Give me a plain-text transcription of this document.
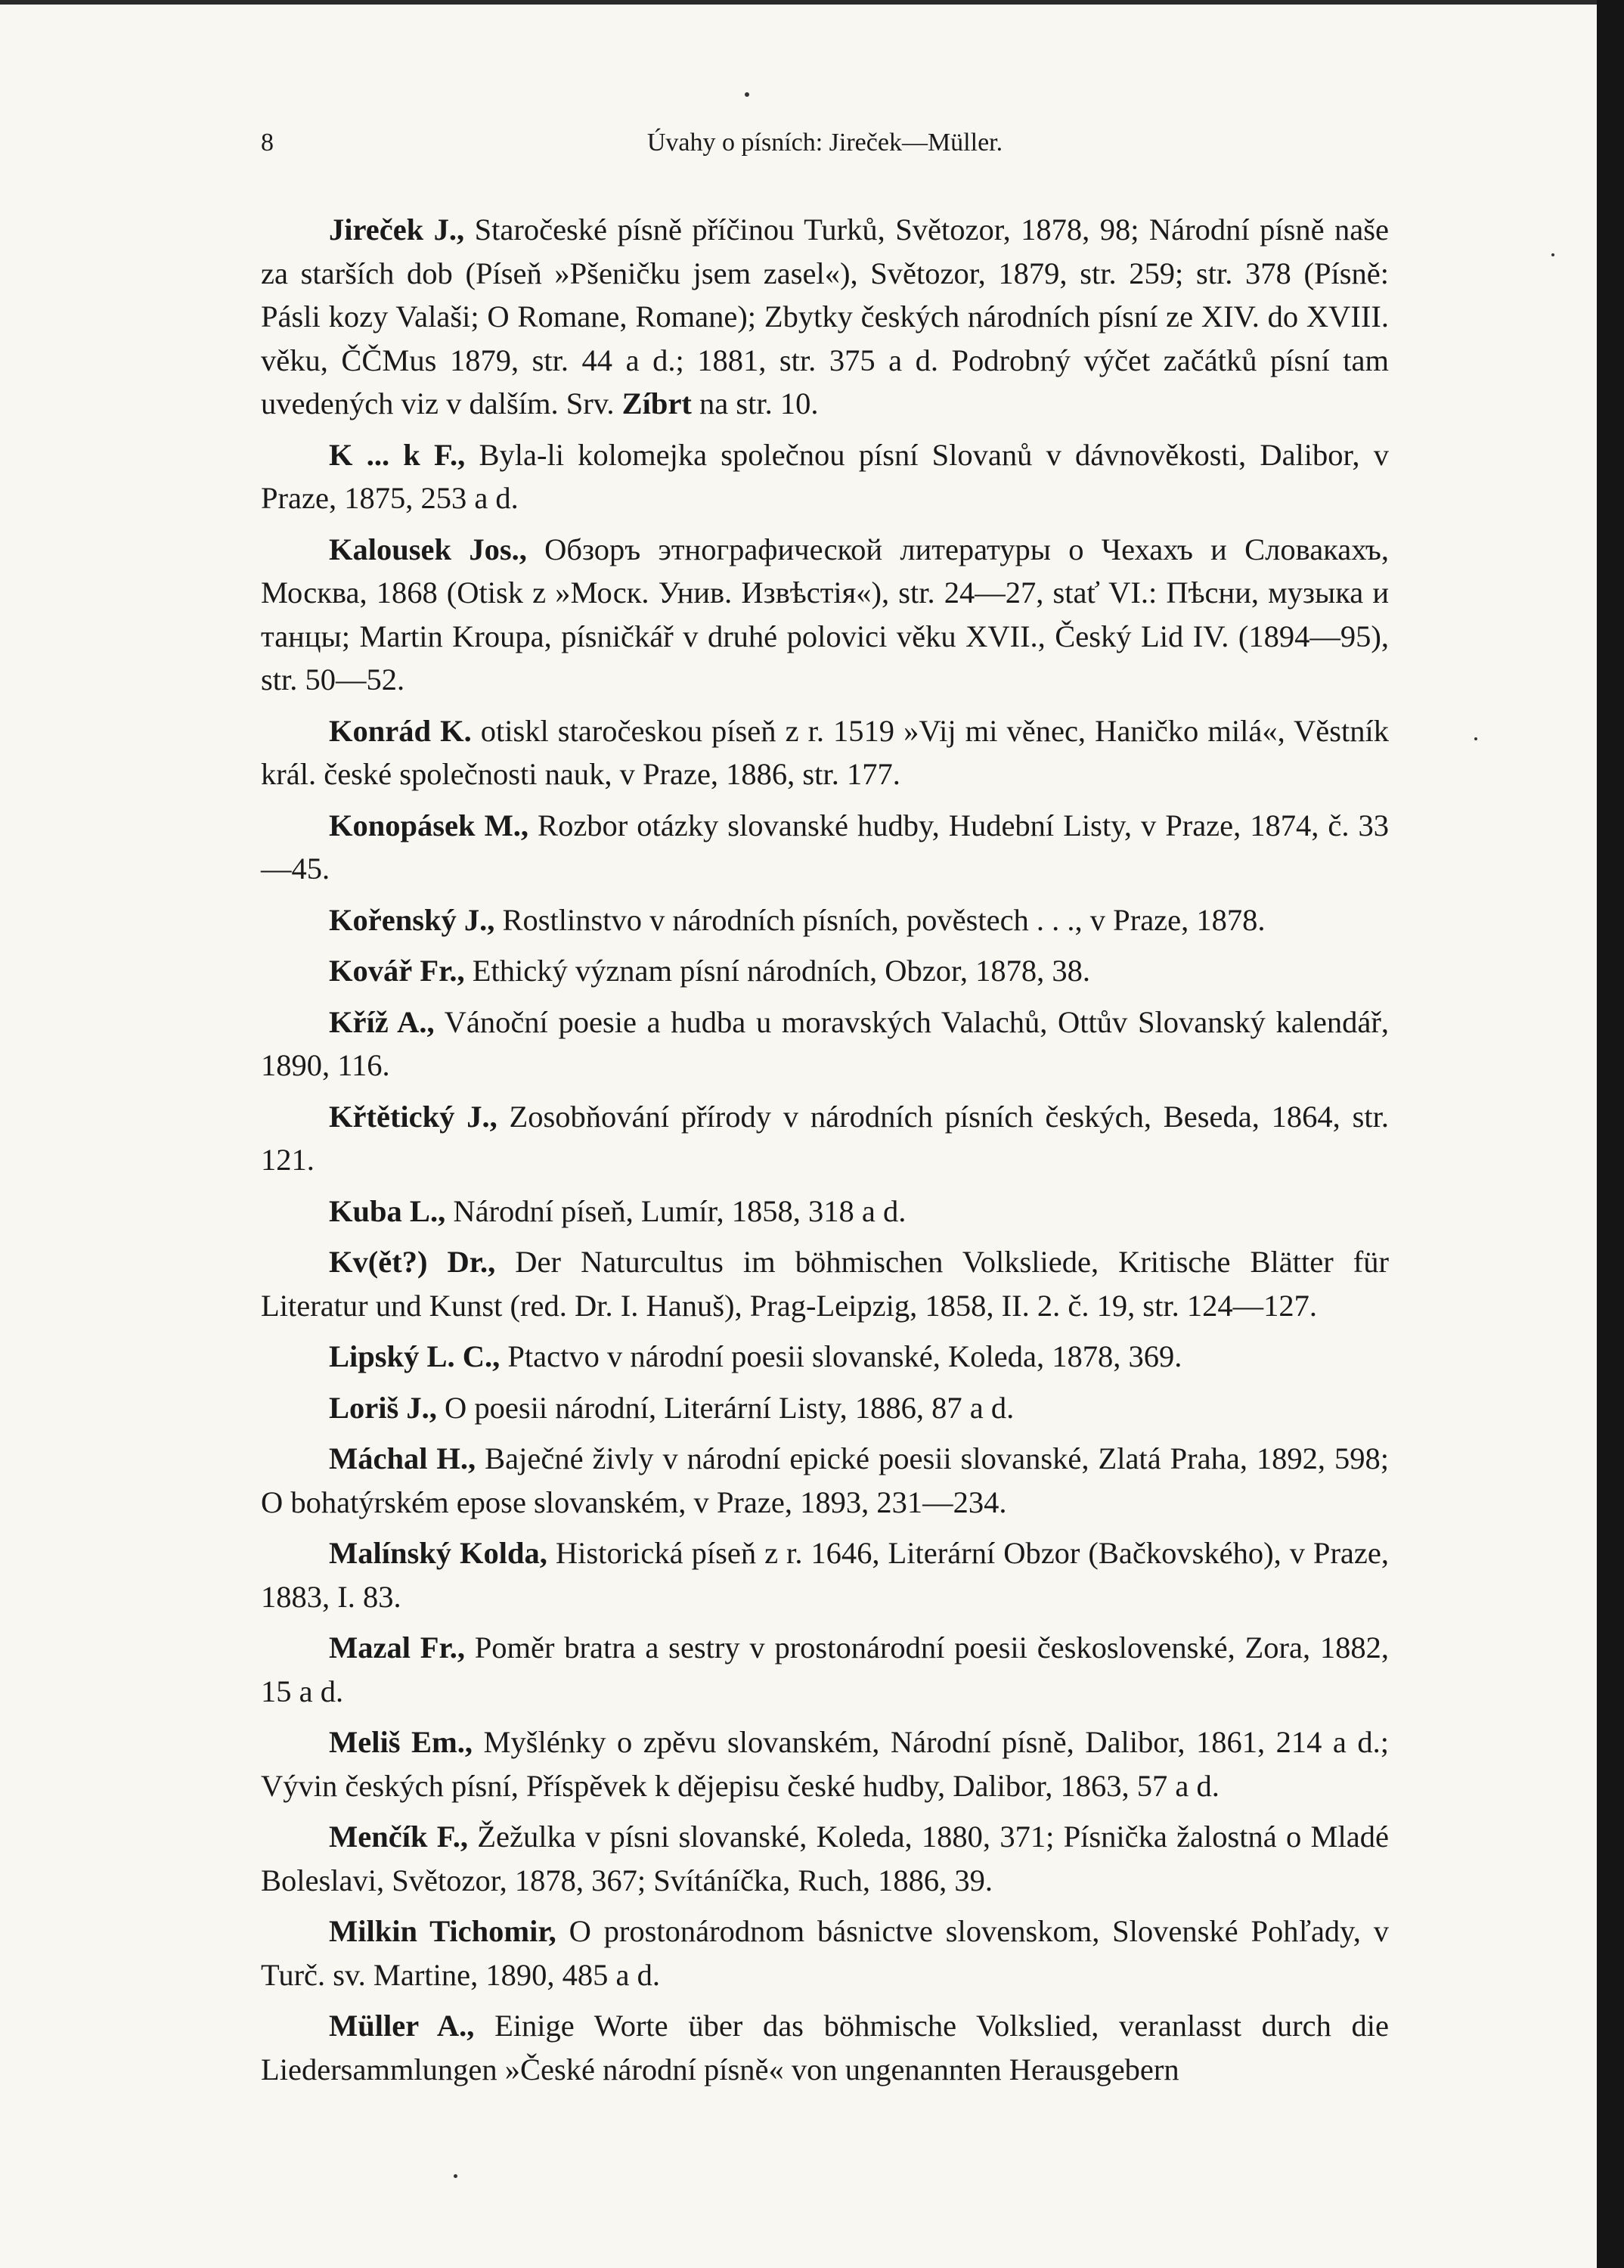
8	Úvahy o písních: Jireček—Müller.

Jireček J., Staročeské písně příčinou Turků, Světozor, 1878, 98; Národní písně naše za starších dob (Píseň »Pšeničku jsem zasel«), Světozor, 1879, str. 259; str. 378 (Písně: Pásli kozy Valaši; O Romane, Romane); Zbytky českých národních písní ze XIV. do XVIII. věku, ČČMus 1879, str. 44 a d.; 1881, str. 375 a d. Podrobný výčet začátků písní tam uvedených viz v dalším. Srv. Zíbrt na str. 10.

K ... k F., Byla-li kolomejka společnou písní Slovanů v dávnověkosti, Dalibor, v Praze, 1875, 253 a d.

Kalousek Jos., Обзоръ этнографической литературы о Чехахъ и Словакахъ, Москва, 1868 (Otisk z »Моск. Унив. Извѣстія«), str. 24—27, stať VI.: Пѣсни, музыка и танцы; Martin Kroupa, písničkář v druhé polovici věku XVII., Český Lid IV. (1894—95), str. 50—52.

Konrád K. otiskl staročeskou píseň z r. 1519 »Vij mi věnec, Haničko milá«, Věstník král. české společnosti nauk, v Praze, 1886, str. 177.

Konopásek M., Rozbor otázky slovanské hudby, Hudební Listy, v Praze, 1874, č. 33—45.

Kořenský J., Rostlinstvo v národních písních, pověstech . . ., v Praze, 1878.

Kovář Fr., Ethický význam písní národních, Obzor, 1878, 38.

Kříž A., Vánoční poesie a hudba u moravských Valachů, Ottův Slovanský kalendář, 1890, 116.

Křtětický J., Zosobňování přírody v národních písních českých, Beseda, 1864, str. 121.

Kuba L., Národní píseň, Lumír, 1858, 318 a d.

Kv(ět?) Dr., Der Naturcultus im böhmischen Volksliede, Kritische Blätter für Literatur und Kunst (red. Dr. I. Hanuš), Prag-Leipzig, 1858, II. 2. č. 19, str. 124—127.

Lipský L. C., Ptactvo v národní poesii slovanské, Koleda, 1878, 369.

Loriš J., O poesii národní, Literární Listy, 1886, 87 a d.

Máchal H., Baječné živly v národní epické poesii slovanské, Zlatá Praha, 1892, 598; O bohatýrském epose slovanském, v Praze, 1893, 231—234.

Malínský Kolda, Historická píseň z r. 1646, Literární Obzor (Bačkovského), v Praze, 1883, I. 83.

Mazal Fr., Poměr bratra a sestry v prostonárodní poesii československé, Zora, 1882, 15 a d.

Meliš Em., Myšlénky o zpěvu slovanském, Národní písně, Dalibor, 1861, 214 a d.; Vývin českých písní, Příspěvek k dějepisu české hudby, Dalibor, 1863, 57 a d.

Menčík F., Žežulka v písni slovanské, Koleda, 1880, 371; Písnička žalostná o Mladé Boleslavi, Světozor, 1878, 367; Svítáníčka, Ruch, 1886, 39.

Milkin Tichomir, O prostonárodnom básnictve slovenskom, Slovenské Pohľady, v Turč. sv. Martine, 1890, 485 a d.

Müller A., Einige Worte über das böhmische Volkslied, veranlasst durch die Liedersammlungen »České národní písně« von ungenannten Herausgebern
